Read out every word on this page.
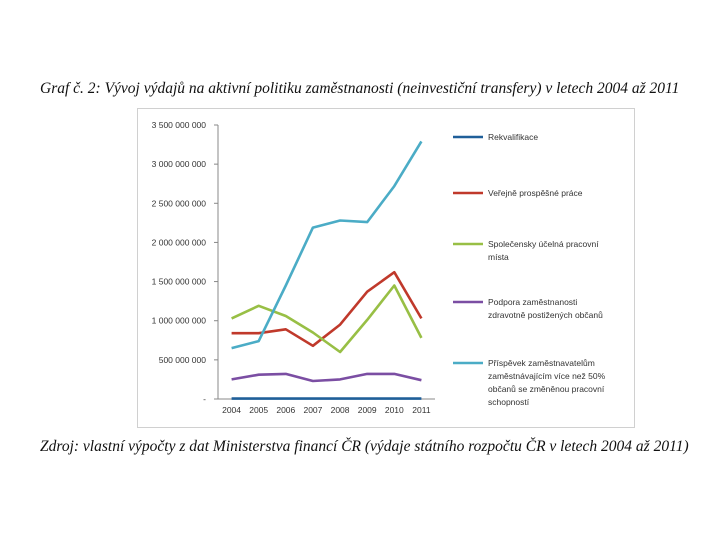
Graf č. 2: Vývoj výdajů na aktivní politiku zaměstnanosti (neinvestiční transfery) v letech 2004 až 2011
3 500 000 000
3 000 000 000
2 500 000 000
2 000 000 000
1 500 000 000
1 000 000 000
500 000 000
-
2004 2005 2006 2007 2008 2009 2010 2011
Rekvalifikace
Veřejně prospěšné práce
Společensky účelná pracovní místa
Podpora zaměstnanosti zdravotně postižených občanů
Příspěvek zaměstnavatelům zaměstnávajícím více než 50% občanů se změněnou pracovní schopností
Zdroj: vlastní výpočty z dat Ministerstva financí ČR (výdaje státního rozpočtu ČR v letech 2004 až 2011)
